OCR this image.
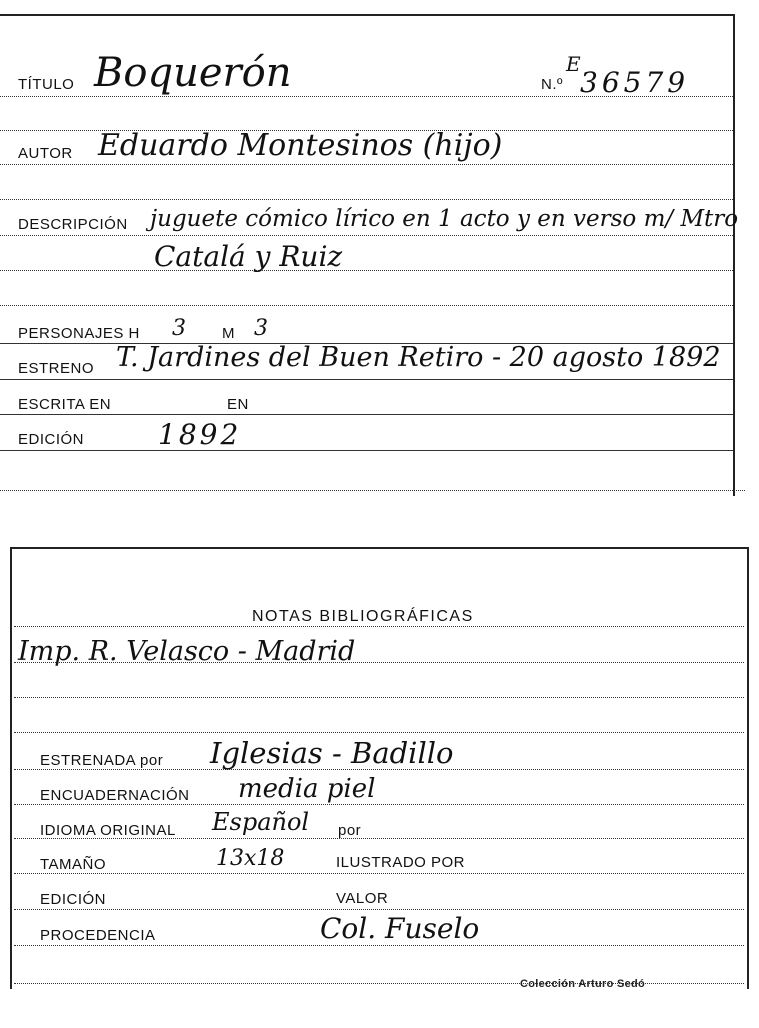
TÍTULO Boquerón	N.º
E
36579
AUTOR Eduardo Montesinos (hijo)
DESCRIPCIÓN juguete cómico lírico en 1 acto y en verso m/ Mtro
Catalá y Ruiz
PERSONAJES H 3 M 3
ESTRENO T. Jardines del Buen Retiro - 20 agosto 1892
ESCRITA EN	EN
EDICIÓN	1892
NOTAS BIBLIOGRÁFICAS
Imp. R. Velasco - Madrid
ESTRENADA por Iglesias - Badillo
ENCUADERNACIÓN media piel
IDIOMA ORIGINAL Español por
TAMAÑO	13x18	ILUSTRADO POR
EDICIÓN	VALOR
PROCEDENCIA	Col. Fuselo
Colección Arturo Sedó
